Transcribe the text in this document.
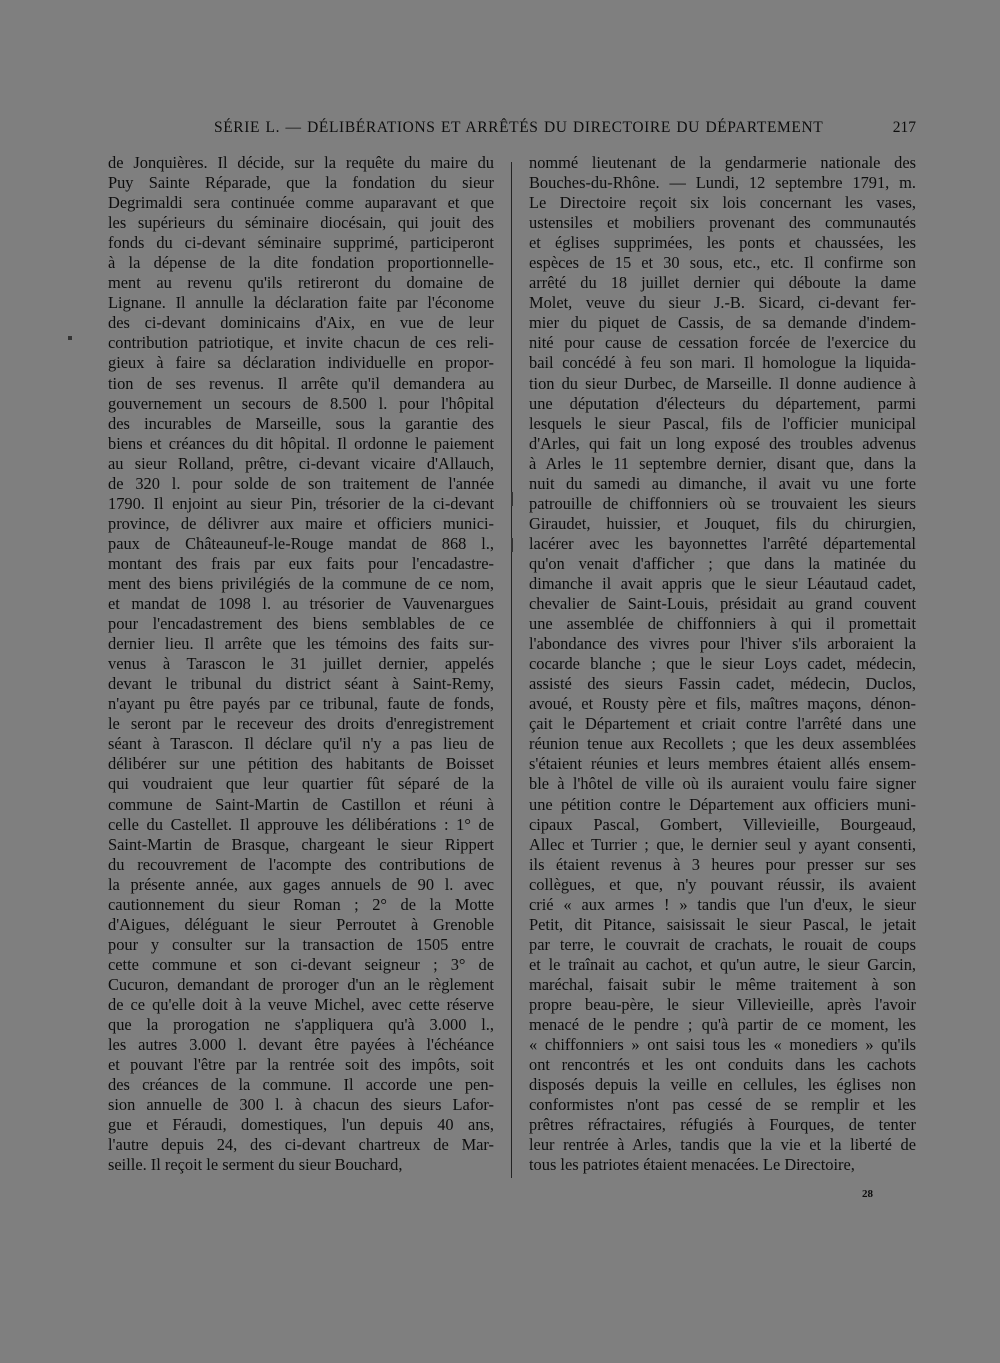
SÉRIE L. — DÉLIBÉRATIONS ET ARRÊTÉS DU DIRECTOIRE DU DÉPARTEMENT	217
de Jonquières. Il décide, sur la requête du maire du
Puy Sainte Réparade, que la fondation du sieur
Degrimaldi sera continuée comme auparavant et que
les supérieurs du séminaire diocésain, qui jouit des
fonds du ci-devant séminaire supprimé, participeront
à la dépense de la dite fondation proportionnelle-
ment au revenu qu'ils retireront du domaine de
Lignane. Il annulle la déclaration faite par l'économe
des ci-devant dominicains d'Aix, en vue de leur
contribution patriotique, et invite chacun de ces reli-
gieux à faire sa déclaration individuelle en propor-
tion de ses revenus. Il arrête qu'il demandera au
gouvernement un secours de 8.500 l. pour l'hôpital
des incurables de Marseille, sous la garantie des
biens et créances du dit hôpital. Il ordonne le paiement
au sieur Rolland, prêtre, ci-devant vicaire d'Allauch,
de 320 l. pour solde de son traitement de l'année
1790. Il enjoint au sieur Pin, trésorier de la ci-devant
province, de délivrer aux maire et officiers munici-
paux de Châteauneuf-le-Rouge mandat de 868 l.,
montant des frais par eux faits pour l'encadastre-
ment des biens privilégiés de la commune de ce nom,
et mandat de 1098 l. au trésorier de Vauvenargues
pour l'encadastrement des biens semblables de ce
dernier lieu. Il arrête que les témoins des faits sur-
venus à Tarascon le 31 juillet dernier, appelés
devant le tribunal du district séant à Saint-Remy,
n'ayant pu être payés par ce tribunal, faute de fonds,
le seront par le receveur des droits d'enregistrement
séant à Tarascon. Il déclare qu'il n'y a pas lieu de
délibérer sur une pétition des habitants de Boisset
qui voudraient que leur quartier fût séparé de la
commune de Saint-Martin de Castillon et réuni à
celle du Castellet. Il approuve les délibérations : 1° de
Saint-Martin de Brasque, chargeant le sieur Rippert
du recouvrement de l'acompte des contributions de
la présente année, aux gages annuels de 90 l. avec
cautionnement du sieur Roman ; 2° de la Motte
d'Aigues, déléguant le sieur Perroutet à Grenoble
pour y consulter sur la transaction de 1505 entre
cette commune et son ci-devant seigneur ; 3° de
Cucuron, demandant de proroger d'un an le règlement
de ce qu'elle doit à la veuve Michel, avec cette réserve
que la prorogation ne s'appliquera qu'à 3.000 l.,
les autres 3.000 l. devant être payées à l'échéance
et pouvant l'être par la rentrée soit des impôts, soit
des créances de la commune. Il accorde une pen-
sion annuelle de 300 l. à chacun des sieurs Lafor-
gue et Féraudi, domestiques, l'un depuis 40 ans,
l'autre depuis 24, des ci-devant chartreux de Mar-
seille. Il reçoit le serment du sieur Bouchard,
nommé lieutenant de la gendarmerie nationale des
Bouches-du-Rhône. — Lundi, 12 septembre 1791, m.
Le Directoire reçoit six lois concernant les vases,
ustensiles et mobiliers provenant des communautés
et églises supprimées, les ponts et chaussées, les
espèces de 15 et 30 sous, etc., etc. Il confirme son
arrêté du 18 juillet dernier qui déboute la dame
Molet, veuve du sieur J.-B. Sicard, ci-devant fer-
mier du piquet de Cassis, de sa demande d'indem-
nité pour cause de cessation forcée de l'exercice du
bail concédé à feu son mari. Il homologue la liquida-
tion du sieur Durbec, de Marseille. Il donne audience à
une députation d'électeurs du département, parmi
lesquels le sieur Pascal, fils de l'officier municipal
d'Arles, qui fait un long exposé des troubles advenus
à Arles le 11 septembre dernier, disant que, dans la
nuit du samedi au dimanche, il avait vu une forte
patrouille de chiffonniers où se trouvaient les sieurs
Giraudet, huissier, et Jouquet, fils du chirurgien,
lacérer avec les bayonnettes l'arrêté départemental
qu'on venait d'afficher ; que dans la matinée du
dimanche il avait appris que le sieur Léautaud cadet,
chevalier de Saint-Louis, présidait au grand couvent
une assemblée de chiffonniers à qui il promettait
l'abondance des vivres pour l'hiver s'ils arboraient la
cocarde blanche ; que le sieur Loys cadet, médecin,
assisté des sieurs Fassin cadet, médecin, Duclos,
avoué, et Rousty père et fils, maîtres maçons, dénon-
çait le Département et criait contre l'arrêté dans une
réunion tenue aux Recollets ; que les deux assemblées
s'étaient réunies et leurs membres étaient allés ensem-
ble à l'hôtel de ville où ils auraient voulu faire signer
une pétition contre le Département aux officiers muni-
cipaux Pascal, Gombert, Villevieille, Bourgeaud,
Allec et Turrier ; que, le dernier seul y ayant consenti,
ils étaient revenus à 3 heures pour presser sur ses
collègues, et que, n'y pouvant réussir, ils avaient
crié « aux armes ! » tandis que l'un d'eux, le sieur
Petit, dit Pitance, saisissait le sieur Pascal, le jetait
par terre, le couvrait de crachats, le rouait de coups
et le traînait au cachot, et qu'un autre, le sieur Garcin,
maréchal, faisait subir le même traitement à son
propre beau-père, le sieur Villevieille, après l'avoir
menacé de le pendre ; qu'à partir de ce moment, les
« chiffonniers » ont saisi tous les « monediers » qu'ils
ont rencontrés et les ont conduits dans les cachots
disposés depuis la veille en cellules, les églises non
conformistes n'ont pas cessé de se remplir et les
prêtres réfractaires, réfugiés à Fourques, de tenter
leur rentrée à Arles, tandis que la vie et la liberté de
tous les patriotes étaient menacées. Le Directoire,
28
